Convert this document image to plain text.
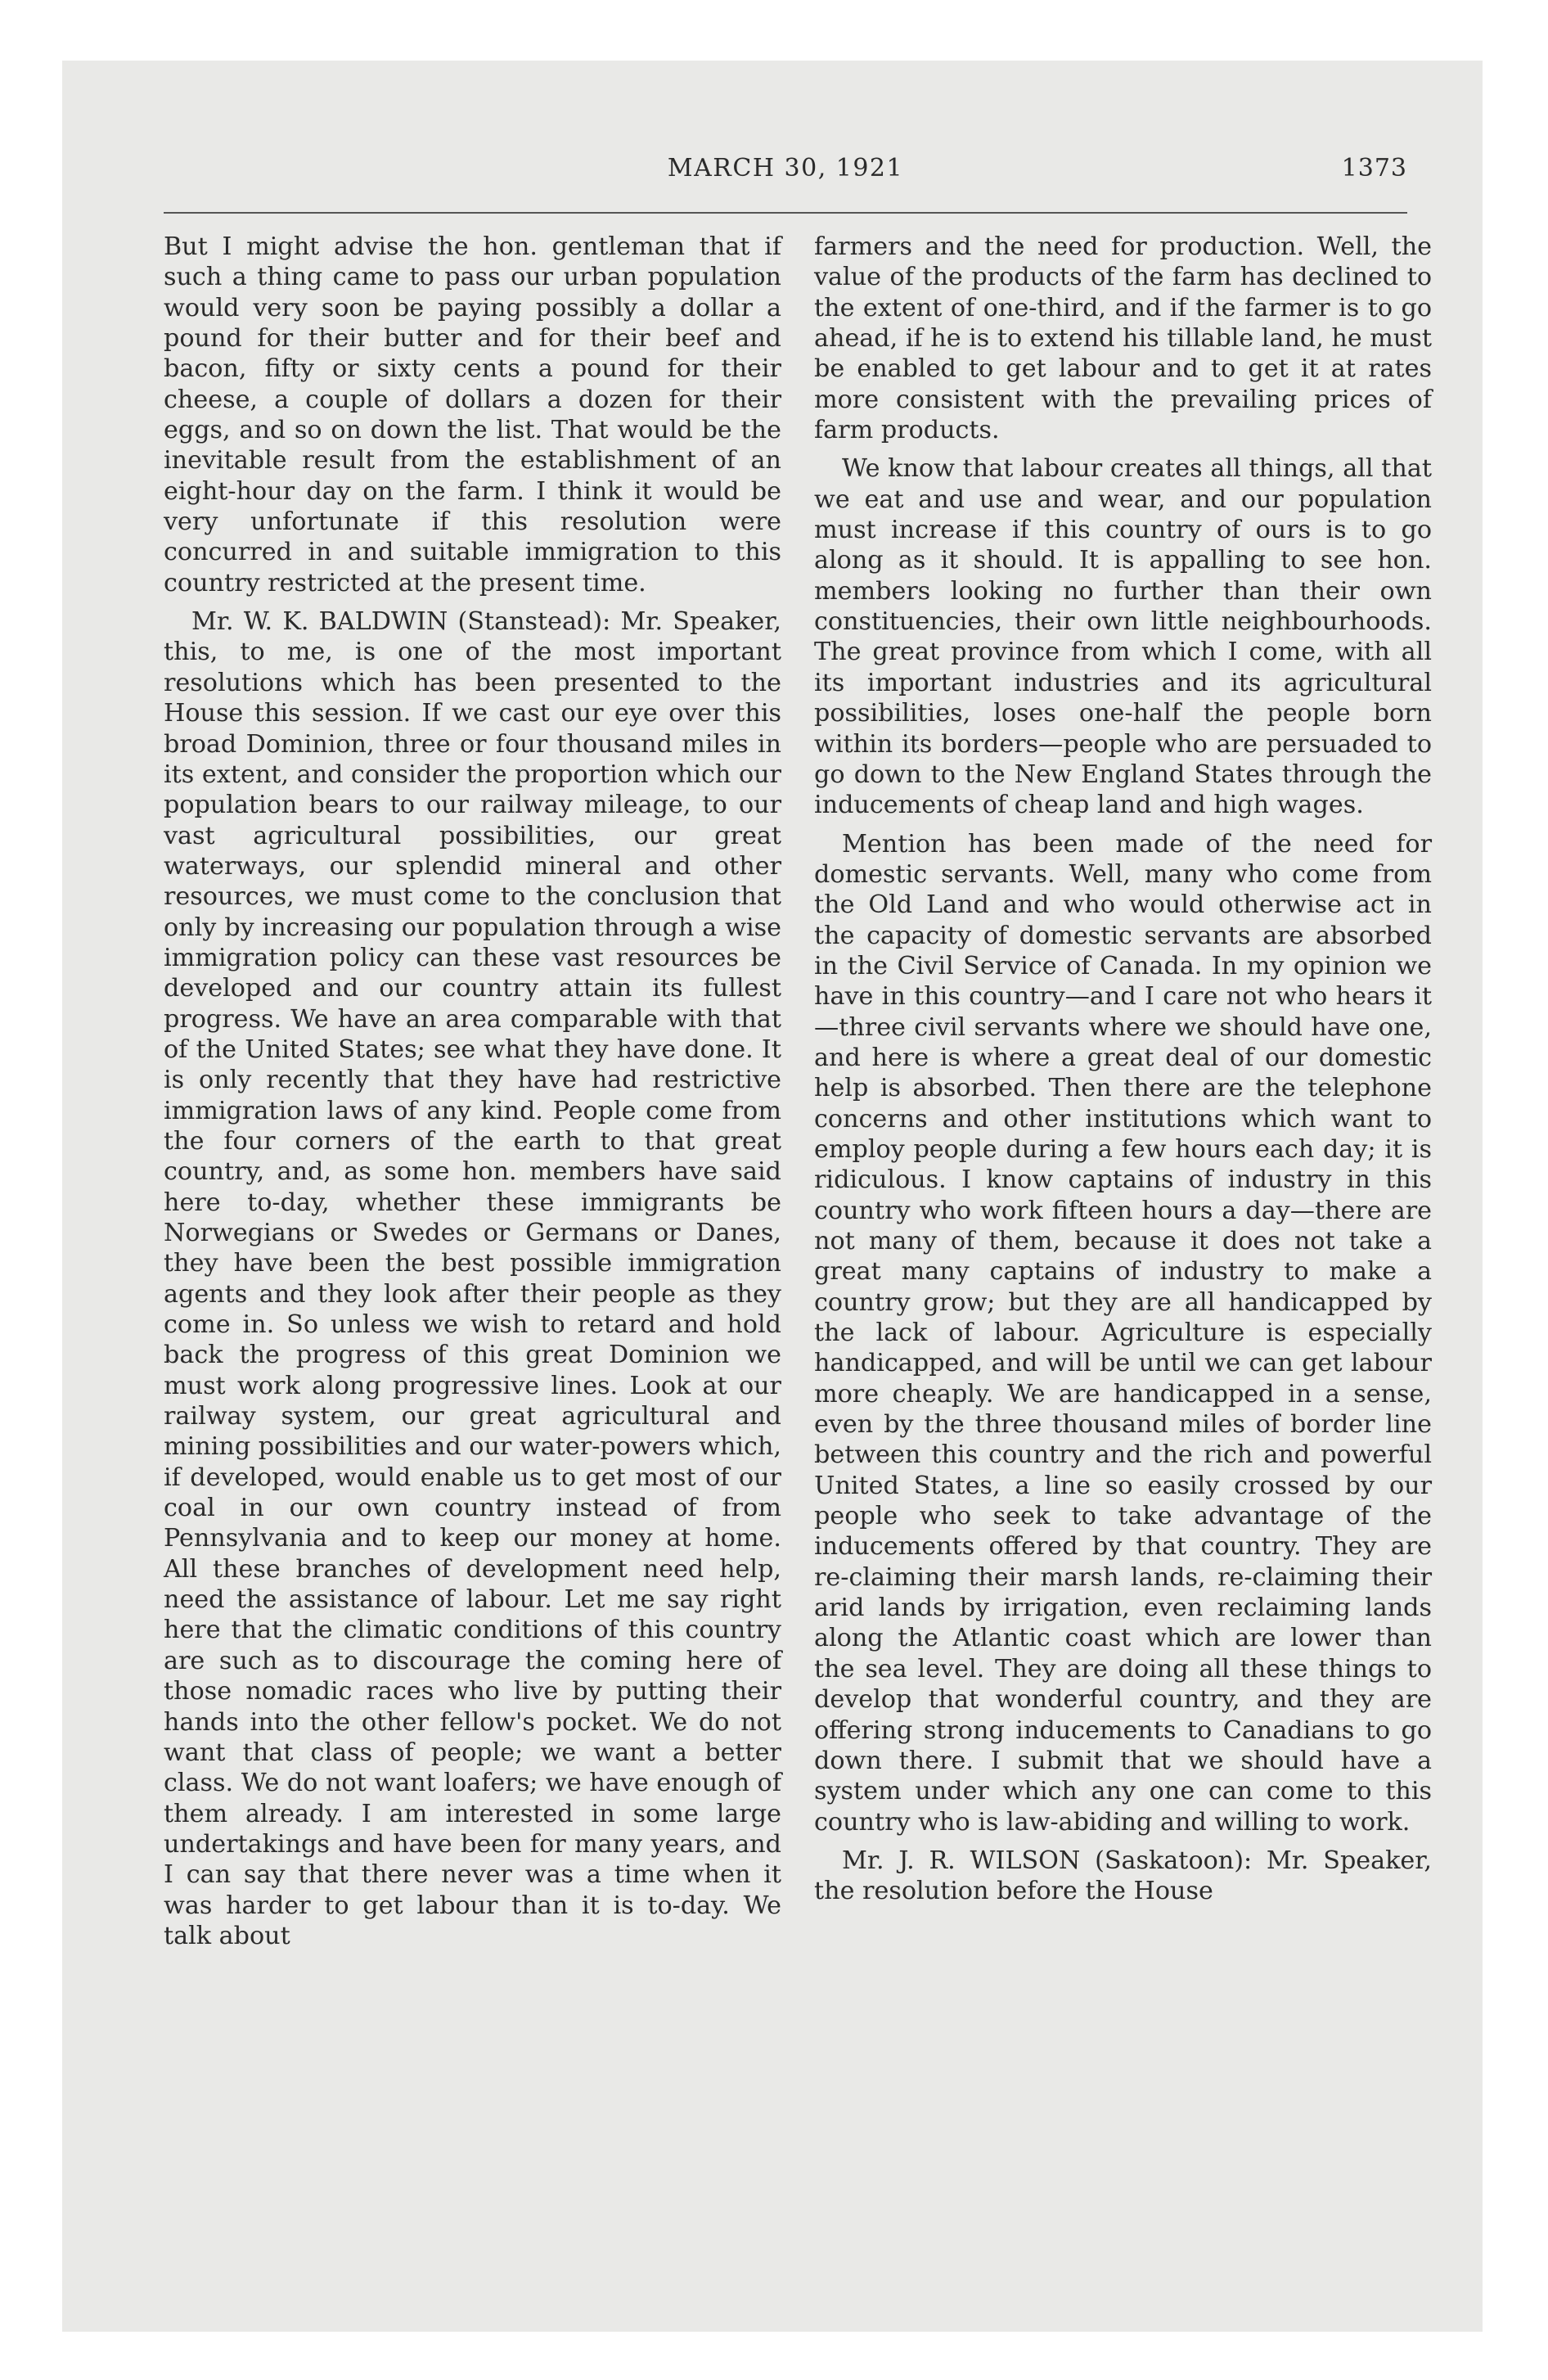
MARCH 30, 1921	1373

But I might advise the hon. gentleman that if such a thing came to pass our urban population would very soon be paying possibly a dollar a pound for their butter and for their beef and bacon, fifty or sixty cents a pound for their cheese, a couple of dollars a dozen for their eggs, and so on down the list. That would be the inevitable result from the establishment of an eight-hour day on the farm. I think it would be very unfortunate if this resolution were concurred in and suitable immigration to this country restricted at the present time.

Mr. W. K. BALDWIN (Stanstead): Mr. Speaker, this, to me, is one of the most important resolutions which has been presented to the House this session. If we cast our eye over this broad Dominion, three or four thousand miles in its extent, and consider the proportion which our population bears to our railway mileage, to our vast agricultural possibilities, our great waterways, our splendid mineral and other resources, we must come to the conclusion that only by increasing our population through a wise immigration policy can these vast resources be developed and our country attain its fullest progress. We have an area comparable with that of the United States; see what they have done. It is only recently that they have had restrictive immigration laws of any kind. People come from the four corners of the earth to that great country, and, as some hon. members have said here to-day, whether these immigrants be Norwegians or Swedes or Germans or Danes, they have been the best possible immigration agents and they look after their people as they come in. So unless we wish to retard and hold back the progress of this great Dominion we must work along progressive lines. Look at our railway system, our great agricultural and mining possibilities and our water-powers which, if developed, would enable us to get most of our coal in our own country instead of from Pennsylvania and to keep our money at home. All these branches of development need help, need the assistance of labour. Let me say right here that the climatic conditions of this country are such as to discourage the coming here of those nomadic races who live by putting their hands into the other fellow's pocket. We do not want that class of people; we want a better class. We do not want loafers; we have enough of them already. I am interested in some large undertakings and have been for many years, and I can say that there never was a time when it was harder to get labour than it is to-day. We talk about

farmers and the need for production. Well, the value of the products of the farm has declined to the extent of one-third, and if the farmer is to go ahead, if he is to extend his tillable land, he must be enabled to get labour and to get it at rates more consistent with the prevailing prices of farm products.

We know that labour creates all things, all that we eat and use and wear, and our population must increase if this country of ours is to go along as it should. It is appalling to see hon. members looking no further than their own constituencies, their own little neighbourhoods. The great province from which I come, with all its important industries and its agricultural possibilities, loses one-half the people born within its borders—people who are persuaded to go down to the New England States through the inducements of cheap land and high wages.

Mention has been made of the need for domestic servants. Well, many who come from the Old Land and who would otherwise act in the capacity of domestic servants are absorbed in the Civil Service of Canada. In my opinion we have in this country—and I care not who hears it—three civil servants where we should have one, and here is where a great deal of our domestic help is absorbed. Then there are the telephone concerns and other institutions which want to employ people during a few hours each day; it is ridiculous. I know captains of industry in this country who work fifteen hours a day—there are not many of them, because it does not take a great many captains of industry to make a country grow; but they are all handicapped by the lack of labour. Agriculture is especially handicapped, and will be until we can get labour more cheaply. We are handicapped in a sense, even by the three thousand miles of border line between this country and the rich and powerful United States, a line so easily crossed by our people who seek to take advantage of the inducements offered by that country. They are re-claiming their marsh lands, re-claiming their arid lands by irrigation, even reclaiming lands along the Atlantic coast which are lower than the sea level. They are doing all these things to develop that wonderful country, and they are offering strong inducements to Canadians to go down there. I submit that we should have a system under which any one can come to this country who is law-abiding and willing to work.

Mr. J. R. WILSON (Saskatoon): Mr. Speaker, the resolution before the House
